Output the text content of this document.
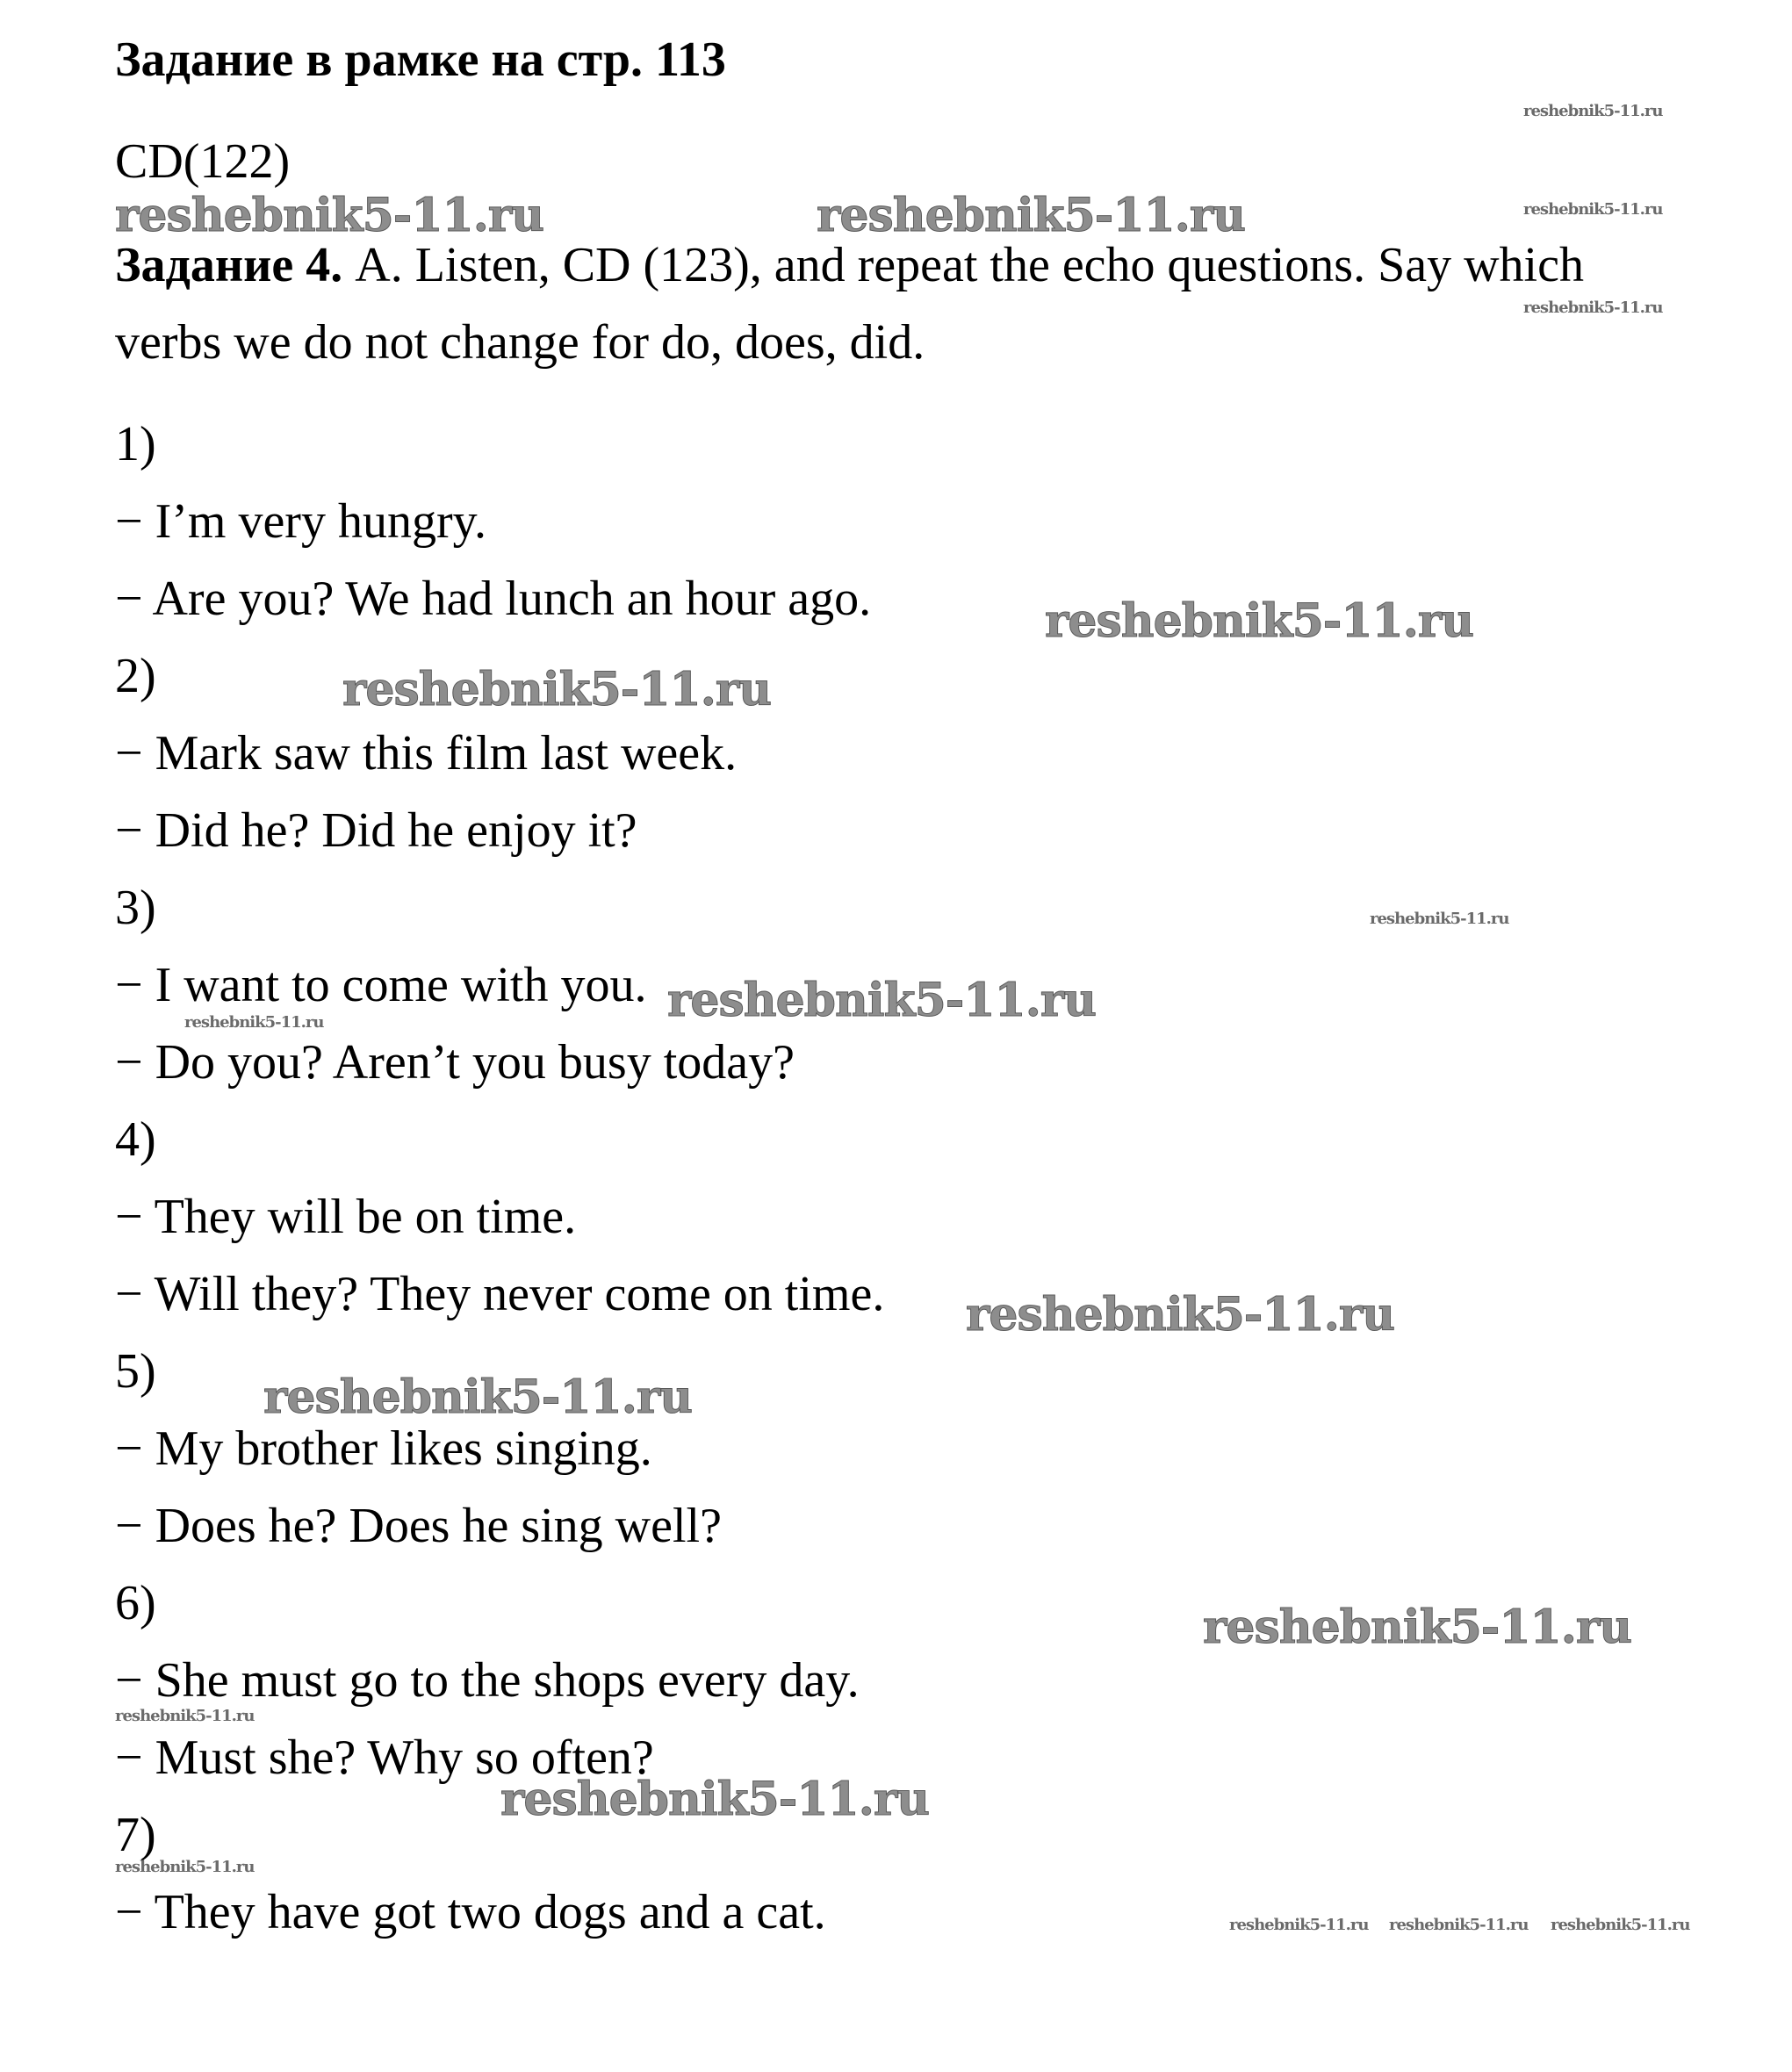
Задание в рамке на стр. 113

CD(122)

Задание 4. A. Listen, CD (123), and repeat the echo questions. Say which

verbs we do not change for do, does, did.

1)

− I’m very hungry.

− Are you? We had lunch an hour ago.

2)

− Mark saw this film last week.

− Did he? Did he enjoy it?

3)

− I want to come with you.

− Do you? Aren’t you busy today?

4)

− They will be on time.

− Will they? They never come on time.

5)

− My brother likes singing.

− Does he? Does he sing well?

6)

− She must go to the shops every day.

− Must she? Why so often?

7)

− They have got two dogs and a cat.

reshebnik5-11.ru	reshebnik5-11.ru

reshebnik5-11.ru

reshebnik5-11.ru

reshebnik5-11.ru

reshebnik5-11.ru

reshebnik5-11.ru

reshebnik5-11.ru

reshebnik5-11.ru

reshebnik5-11.ru

reshebnik5-11.ru

reshebnik5-11.ru

reshebnik5-11.ru

reshebnik5-11.ru

reshebnik5-11.ru

reshebnik5-11.ru

reshebnik5-11.ru reshebnik5-11.ru reshebnik5-11.ru
